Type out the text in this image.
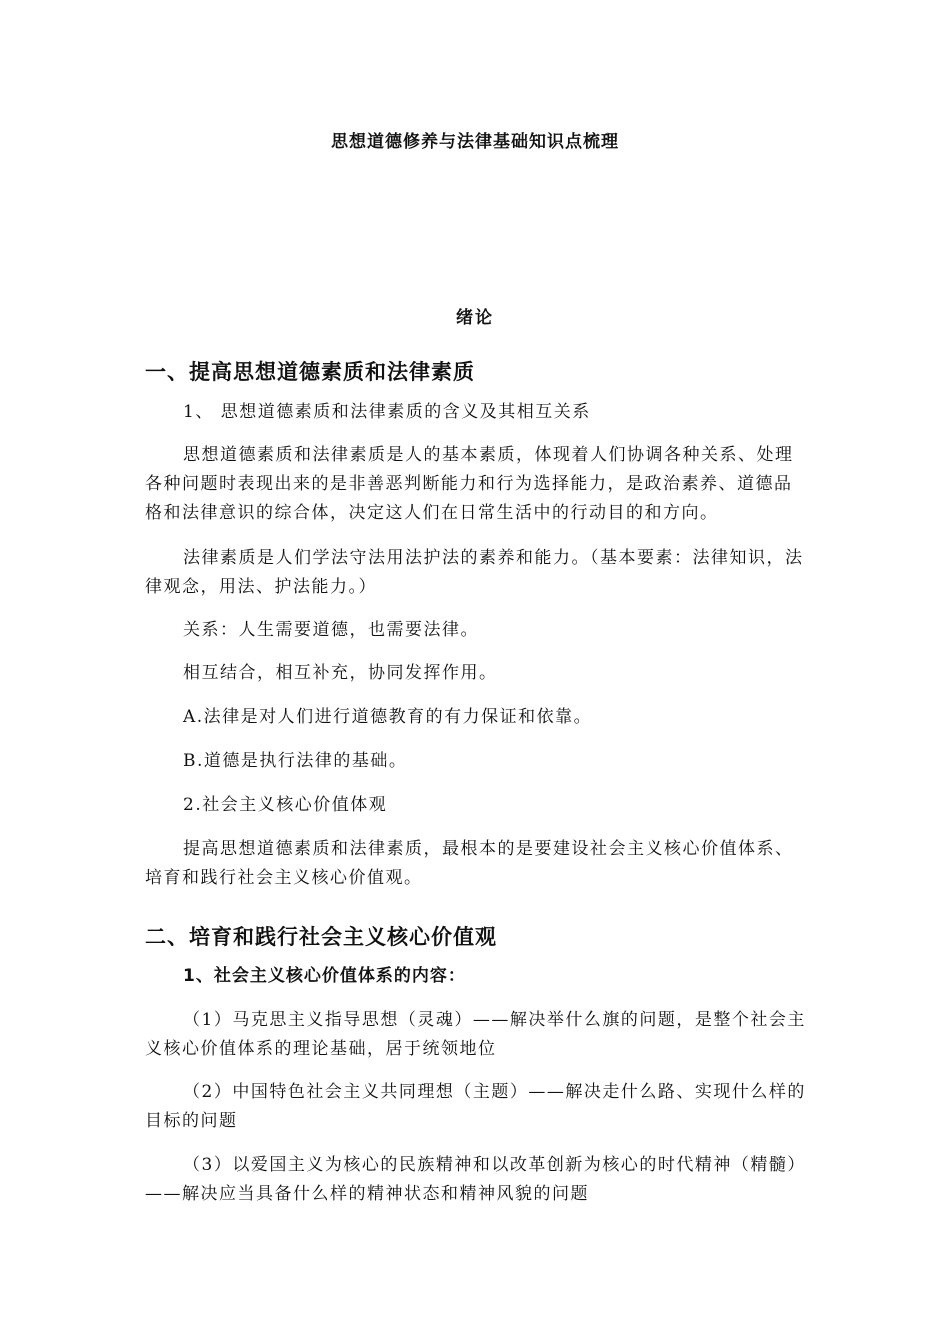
思想道德修养与法律基础知识点梳理
绪论
一、提高思想道德素质和法律素质

1、 思想道德素质和法律素质的含义及其相互关系

思想道德素质和法律素质是人的基本素质，体现着人们协调各种关系、处理各种问题时表现出来的是非善恶判断能力和行为选择能力，是政治素养、道德品格和法律意识的综合体，决定这人们在日常生活中的行动目的和方向。

法律素质是人们学法守法用法护法的素养和能力。（基本要素：法律知识，法律观念，用法、护法能力。）

关系：人生需要道德，也需要法律。

相互结合，相互补充，协同发挥作用。

A.法律是对人们进行道德教育的有力保证和依靠。

B.道德是执行法律的基础。

2.社会主义核心价值体观

提高思想道德素质和法律素质，最根本的是要建设社会主义核心价值体系、培育和践行社会主义核心价值观。

二、培育和践行社会主义核心价值观

1、社会主义核心价值体系的内容：

（1）马克思主义指导思想（灵魂）——解决举什么旗的问题，是整个社会主义核心价值体系的理论基础，居于统领地位

（2）中国特色社会主义共同理想（主题）——解决走什么路、实现什么样的目标的问题

（3）以爱国主义为核心的民族精神和以改革创新为核心的时代精神（精髓）——解决应当具备什么样的精神状态和精神风貌的问题
